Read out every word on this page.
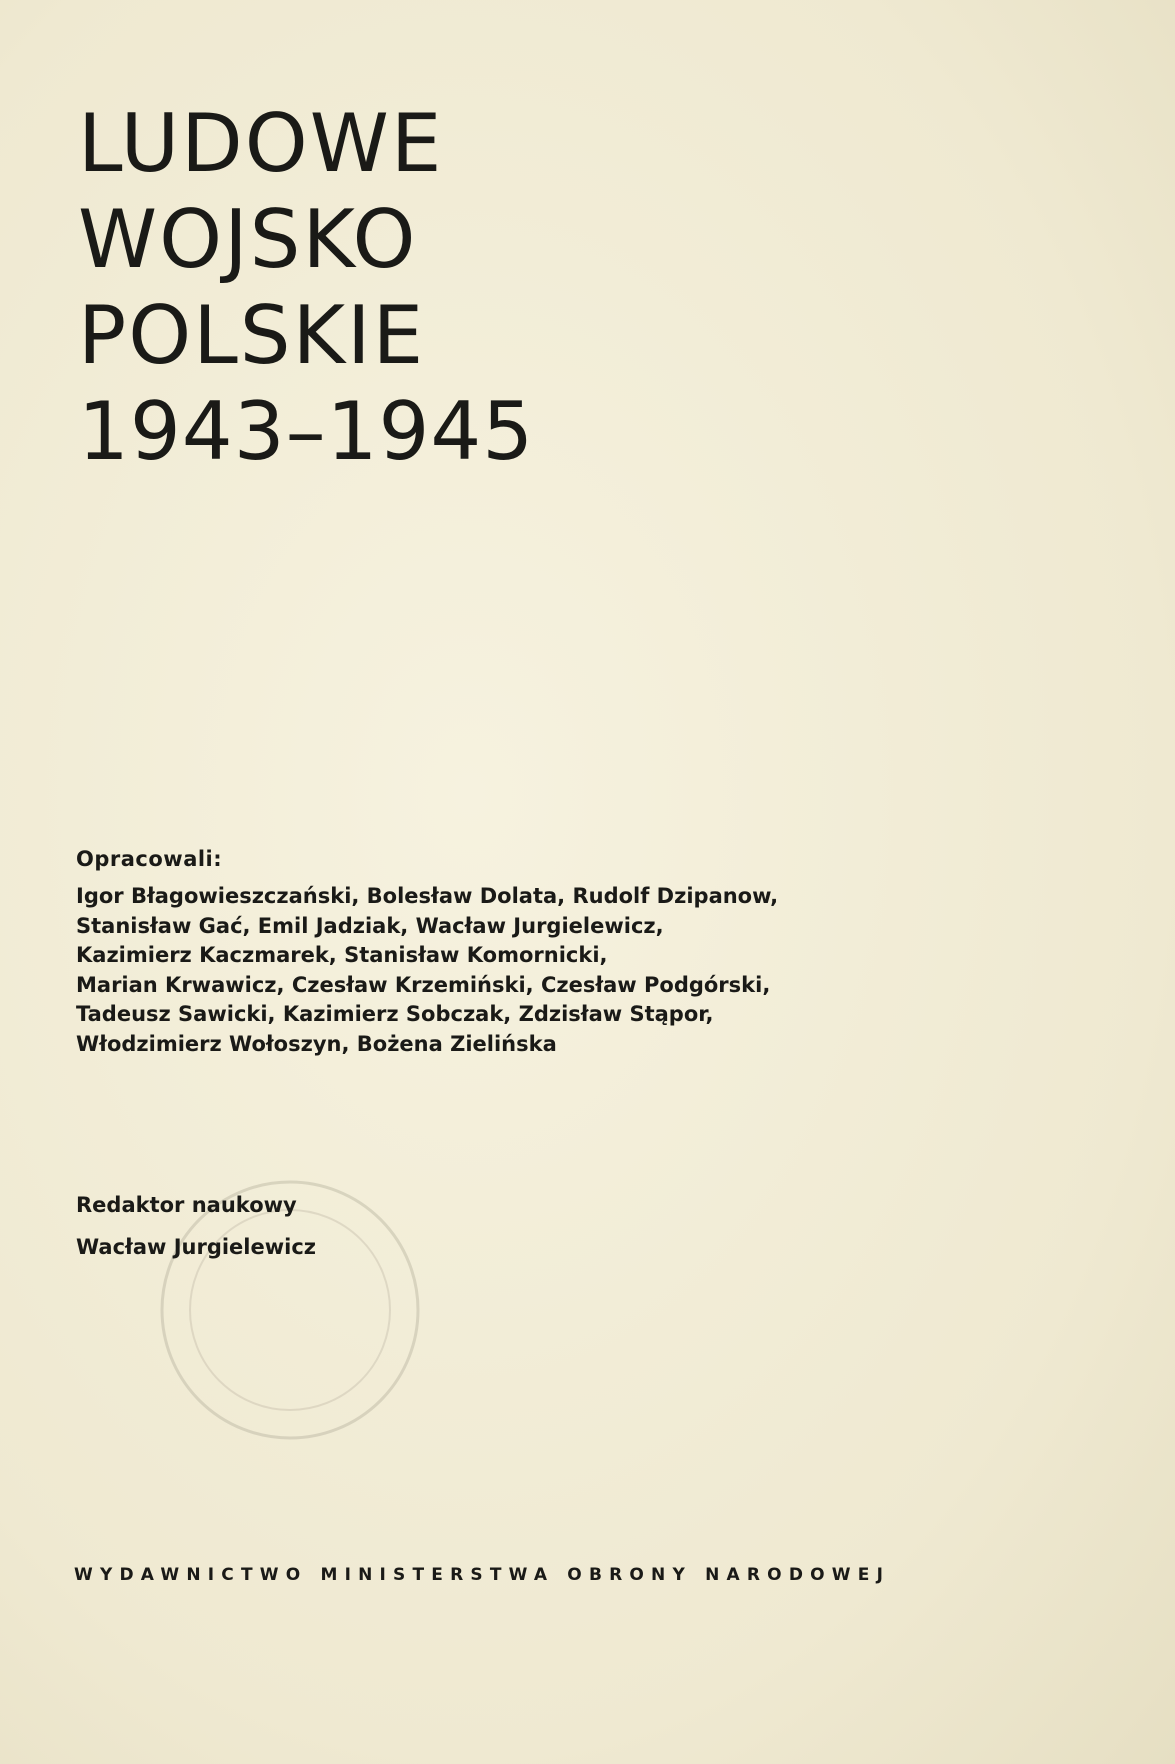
LUDOWE

WOJSKO

POLSKIE

1943–1945

Opracowali:

Igor Błagowieszczański, Bolesław Dolata, Rudolf Dzipanow,

Stanisław Gać, Emil Jadziak, Wacław Jurgielewicz,

Kazimierz Kaczmarek, Stanisław Komornicki,

Marian Krwawicz, Czesław Krzemiński, Czesław Podgórski,

Tadeusz Sawicki, Kazimierz Sobczak, Zdzisław Stąpor,

Włodzimierz Wołoszyn, Bożena Zielińska

Redaktor naukowy

Wacław Jurgielewicz

WYDAWNICTWO MINISTERSTWA OBRONY NARODOWEJ
